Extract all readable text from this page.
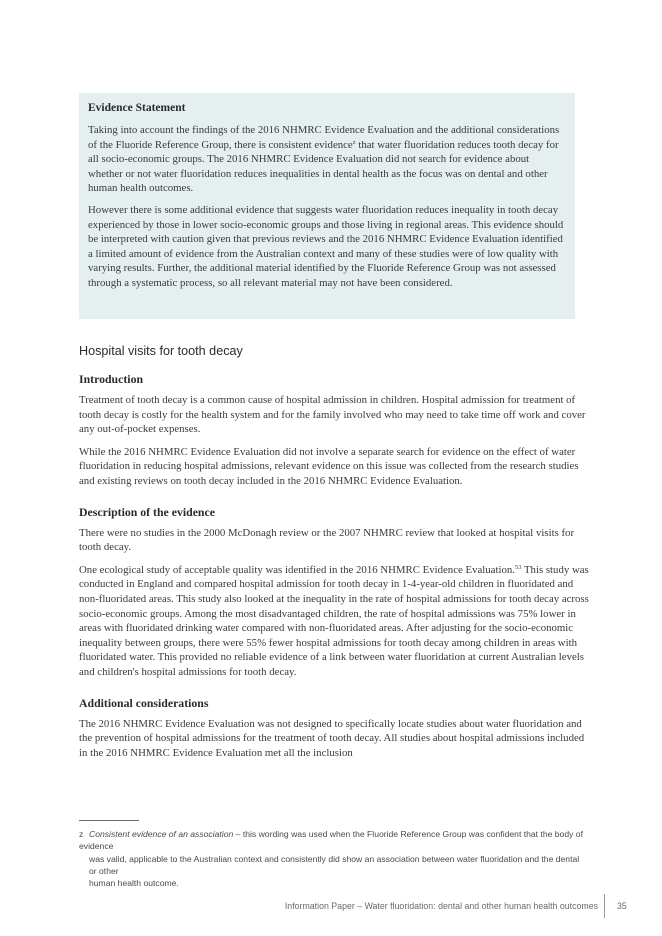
Evidence Statement

Taking into account the findings of the 2016 NHMRC Evidence Evaluation and the additional considerations of the Fluoride Reference Group, there is consistent evidence$^z$ that water fluoridation reduces tooth decay for all socio-economic groups. The 2016 NHMRC Evidence Evaluation did not search for evidence about whether or not water fluoridation reduces inequalities in dental health as the focus was on dental and other human health outcomes.

However there is some additional evidence that suggests water fluoridation reduces inequality in tooth decay experienced by those in lower socio-economic groups and those living in regional areas. This evidence should be interpreted with caution given that previous reviews and the 2016 NHMRC Evidence Evaluation identified a limited amount of evidence from the Australian context and many of these studies were of low quality with varying results. Further, the additional material identified by the Fluoride Reference Group was not assessed through a systematic process, so all relevant material may not have been considered.

Hospital visits for tooth decay
Introduction

Treatment of tooth decay is a common cause of hospital admission in children. Hospital admission for treatment of tooth decay is costly for the health system and for the family involved who may need to take time off work and cover any out-of-pocket expenses.

While the 2016 NHMRC Evidence Evaluation did not involve a separate search for evidence on the effect of water fluoridation in reducing hospital admissions, relevant evidence on this issue was collected from the research studies and existing reviews on tooth decay included in the 2016 NHMRC Evidence Evaluation.

Description of the evidence

There were no studies in the 2000 McDonagh review or the 2007 NHMRC review that looked at hospital visits for tooth decay.

One ecological study of acceptable quality was identified in the 2016 NHMRC Evidence Evaluation.$^{53}$ This study was conducted in England and compared hospital admission for tooth decay in 1-4-year-old children in fluoridated and non-fluoridated areas. This study also looked at the inequality in the rate of hospital admissions for tooth decay across socio-economic groups. Among the most disadvantaged children, the rate of hospital admissions was 75% lower in areas with fluoridated drinking water compared with non-fluoridated areas. After adjusting for the socio-economic inequality between groups, there were 55% fewer hospital admissions for tooth decay among children in areas with fluoridated water. This provided no reliable evidence of a link between water fluoridation at current Australian levels and children's hospital admissions for tooth decay.

Additional considerations

The 2016 NHMRC Evidence Evaluation was not designed to specifically locate studies about water fluoridation and the prevention of hospital admissions for the treatment of tooth decay. All studies about hospital admissions included in the 2016 NHMRC Evidence Evaluation met all the inclusion

z Consistent evidence of an association – this wording was used when the Fluoride Reference Group was confident that the body of evidence
was valid, applicable to the Australian context and consistently did show an association between water fluoridation and the dental or other
human health outcome.
Information Paper – Water fluoridation: dental and other human health outcomes 35
